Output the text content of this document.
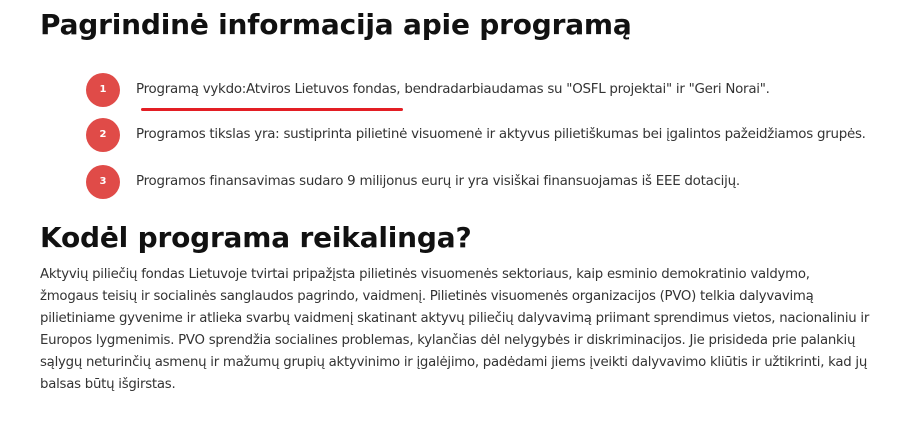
Pagrindinė informacija apie programą
1	Programą vykdo:Atviros Lietuvos fondas, bendradarbiaudamas su "OSFL projektai" ir "Geri Norai".
2	Programos tikslas yra: sustiprinta pilietinė visuomenė ir aktyvus pilietiškumas bei įgalintos pažeidžiamos grupės.
3	Programos finansavimas sudaro 9 milijonus eurų ir yra visiškai finansuojamas iš EEE dotacijų.
Kodėl programa reikalinga?

Aktyvių piliečių fondas Lietuvoje tvirtai pripažįsta pilietinės visuomenės sektoriaus, kaip esminio demokratinio valdymo, žmogaus teisių ir socialinės sanglaudos pagrindo, vaidmenį. Pilietinės visuomenės organizacijos (PVO) telkia dalyvavimą pilietiniame gyvenime ir atlieka svarbų vaidmenį skatinant aktyvų piliečių dalyvavimą priimant sprendimus vietos, nacionaliniu ir Europos lygmenimis. PVO sprendžia socialines problemas, kylančias dėl nelygybės ir diskriminacijos. Jie prisideda prie palankių sąlygų neturinčių asmenų ir mažumų grupių aktyvinimo ir įgalėjimo, padėdami jiems įveikti dalyvavimo kliūtis ir užtikrinti, kad jų balsas būtų išgirstas.
